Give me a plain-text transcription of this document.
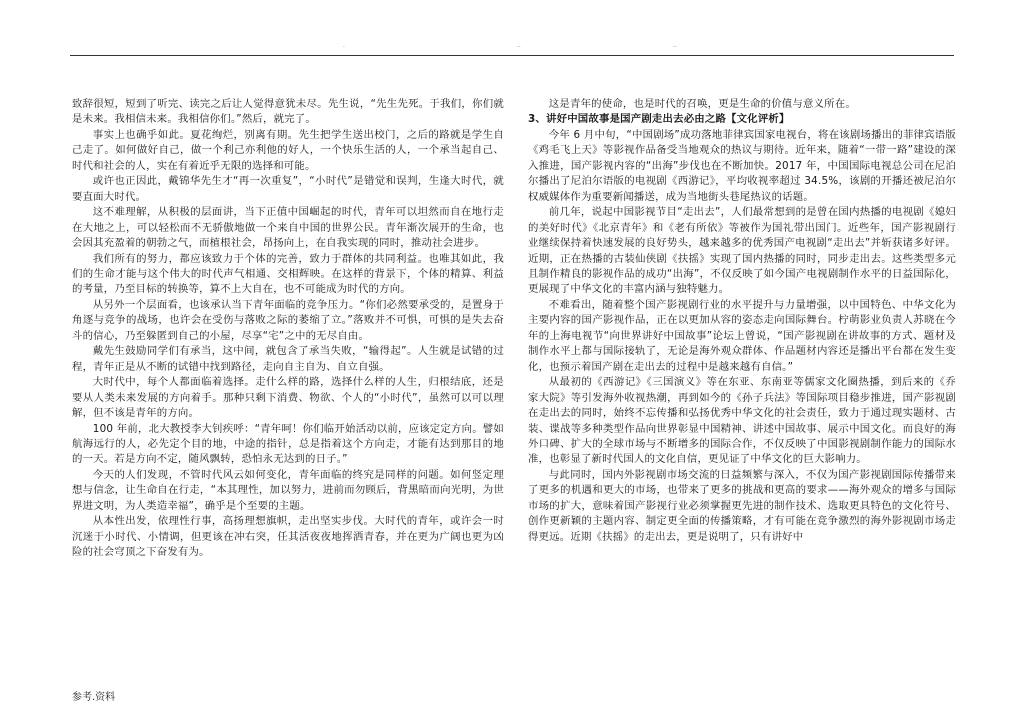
·	··	··

致辞很短，短到了听完、读完之后让人觉得意犹未尽。先生说，“先生先死。于我们，你们就是未来。我相信未来。我相信你们。”然后，就完了。

事实上也确乎如此。夏花绚烂，别离有期。先生把学生送出校门，之后的路就是学生自己走了。如何做好自己，做一个利己亦利他的好人，一个快乐生活的人，一个承当起自己、时代和社会的人，实在有着近乎无限的选择和可能。

或许也正因此，戴锦华先生才“再一次重复”，“小时代”是错觉和误判，生逢大时代，就要直面大时代。

这不难理解，从积极的层面讲，当下正值中国崛起的时代，青年可以坦然而自在地行走在大地之上，可以轻松而不无骄傲地做一个来自中国的世界公民。青年渐次展开的生命，也会因其充盈着的朝勃之气，而植根社会，昂扬向上，在自我实现的同时，推动社会进步。

我们所有的努力，都应该致力于个体的完善，致力于群体的共同利益。也唯其如此，我们的生命才能与这个伟大的时代声气相通、交相辉映。在这样的背景下，个体的精算、利益的考量，乃至目标的转换等，算不上大自在，也不可能成为时代的方向。

从另外一个层面看，也该承认当下青年面临的竞争压力。“你们必然要承受的，是置身于角逐与竞争的战场，也许会在受伤与落败之际的萎缩了立。”落败并不可惧，可惧的是失去奋斗的信心，乃至躲匿到自己的小屋，尽享“宅”之中的无尽自由。

戴先生鼓励同学们有承当，这中间，就包含了承当失败，“输得起”。人生就是试错的过程，青年正是从不断的试错中找到路径，走向自主自为、自立自强。

大时代中，每个人都面临着选择。走什么样的路，选择什么样的人生，归根结底，还是要从人类未来发展的方向着手。那种只剩下消费、物欲、个人的“小时代”，虽然可以可以理解，但不该是青年的方向。

100 年前，北大教授李大钊疾呼：“青年呵！你们临开始活动以前，应该定定方向。譬如航海远行的人，必先定个目的地，中途的指针，总是指着这个方向走，才能有达到那目的地的一天。若是方向不定，随风飘转，恐怕永无达到的日子。”

今天的人们发现，不管时代风云如何变化，青年面临的终究是同样的问题。如何竖定理想与信念，让生命自在行走，“本其理性，加以努力，进前而勿顾后，背黑暗而向光明，为世界进文明，为人类造幸福”，确乎是个至要的主题。

从本性出发，依理性行事，高扬理想旗帜，走出坚实步伐。大时代的青年，或许会一时沉迷于小时代、小情调，但更该在冲右突，任其活夜夜地挥洒青春，并在更为广阔也更为凶险的社会穹顶之下奋发有为。

这是青年的使命，也是时代的召唤，更是生命的价值与意义所在。

3、讲好中国故事是国产剧走出去必由之路【文化评析】

今年 6 月中旬，“中国剧场”成功落地菲律宾国家电视台，将在该剧场播出的菲律宾语版《鸡毛飞上天》等影视作品备受当地观众的热议与期待。近年来，随着“一带一路”建设的深入推进，国产影视内容的“出海”步伐也在不断加快。2017 年，中国国际电视总公司在尼泊尔播出了尼泊尔语版的电视剧《西游记》，平均收视率超过 34.5%，该剧的开播还被尼泊尔权威媒体作为重要新闻播送，成为当地街头巷尾热议的话题。

前几年，说起中国影视节目“走出去”，人们最常想到的是曾在国内热播的电视剧《媳妇的美好时代》《北京青年》和《老有所依》等被作为国礼带出国门。近些年，国产影视剧行业继续保持着快速发展的良好势头，越来越多的优秀国产电视剧“走出去”并斩获诸多好评。近期，正在热播的古装仙侠剧《扶摇》实现了国内热播的同时，同步走出去。这些类型多元且制作精良的影视作品的成功“出海”，不仅反映了如今国产电视剧制作水平的日益国际化，更展现了中华文化的丰富内涵与独特魅力。

不难看出，随着整个国产影视剧行业的水平提升与力量增强，以中国特色、中华文化为主要内容的国产影视作品，正在以更加从容的姿态走向国际舞台。柠萌影业负责人苏晓在今年的上海电视节“向世界讲好中国故事”论坛上曾说，“国产影视剧在讲故事的方式、题材及制作水平上都与国际接轨了，无论是海外观众群体、作品题材内容还是播出平台都在发生变化，也预示着国产剧在走出去的过程中是越来越有自信。”

从最初的《西游记》《三国演义》等在东亚、东南亚等儒家文化圈热播，到后来的《乔家大院》等引发海外收视热潮，再到如今的《孙子兵法》等国际项目稳步推进，国产影视剧在走出去的同时，始终不忘传播和弘扬优秀中华文化的社会责任，致力于通过现实题材、古装、谍战等多种类型作品向世界彰显中国精神、讲述中国故事、展示中国文化。而良好的海外口碑、扩大的全球市场与不断增多的国际合作，不仅反映了中国影视剧制作能力的国际水准，也彰显了新时代国人的文化自信，更见证了中华文化的巨大影响力。

与此同时，国内外影视剧市场交流的日益频繁与深入，不仅为国产影视剧国际传播带来了更多的机遇和更大的市场，也带来了更多的挑战和更高的要求——海外观众的增多与国际市场的扩大，意味着国产影视行业必须掌握更先进的制作技术、选取更具特色的文化符号、创作更新颖的主题内容、制定更全面的传播策略，才有可能在竞争激烈的海外影视剧市场走得更远。近期《扶摇》的走出去，更是说明了，只有讲好中

参考.资料
